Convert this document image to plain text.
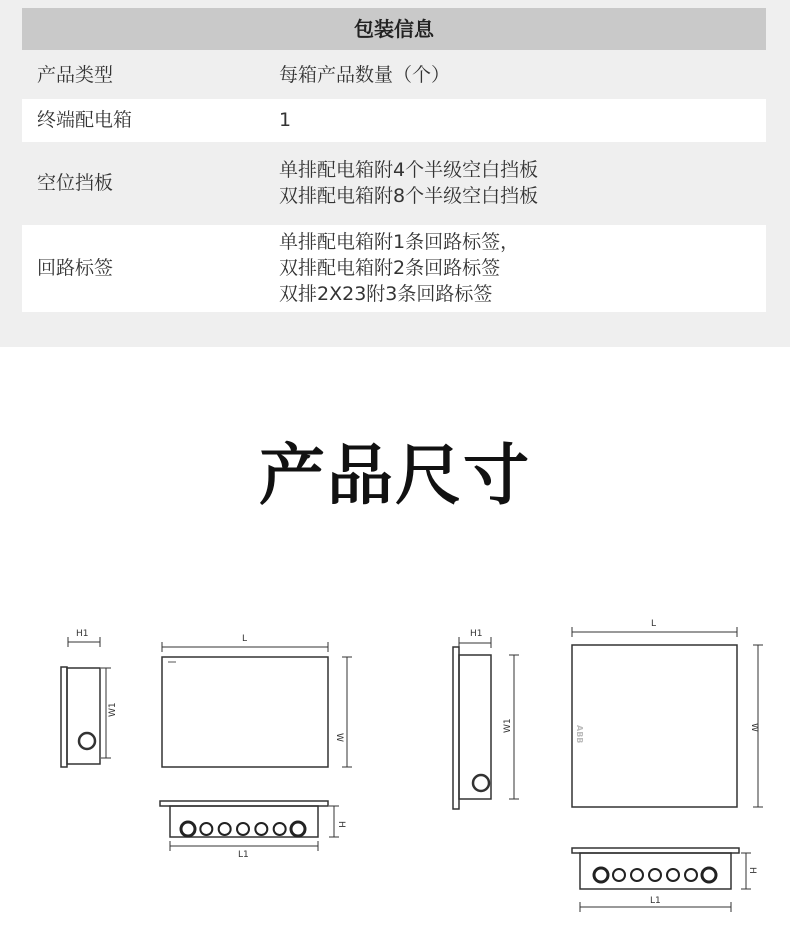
包装信息
产品类型	每箱产品数量（个）
终端配电箱	1
空位挡板
单排配电箱附4个半级空白挡板
双排配电箱附8个半级空白挡板
回路标签
单排配电箱附1条回路标签，
双排配电箱附2条回路标签
双排2X23附3条回路标签
产品尺寸
H1
W1
L
W
H
L1
H1
W1
L
W
H
L1
ABB
